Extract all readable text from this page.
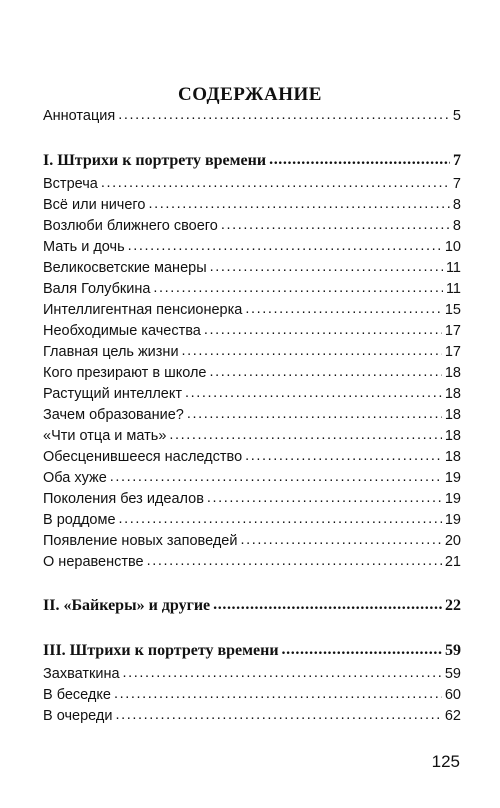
СОДЕРЖАНИЕ
Аннотация .....	5
I. Штрихи к портрету времени .....	7
Встреча .....	7
Всё или ничего .....	8
Возлюби ближнего своего .....	8
Мать и дочь .....	10
Великосветские манеры .....	11
Валя Голубкина .....	11
Интеллигентная пенсионерка .....	15
Необходимые качества .....	17
Главная цель жизни .....	17
Кого презирают в школе .....	18
Растущий интеллект .....	18
Зачем образование? .....	18
«Чти отца и мать» .....	18
Обесценившееся наследство .....	18
Оба хуже .....	19
Поколения без идеалов .....	19
В роддоме .....	19
Появление новых заповедей .....	20
О неравенстве .....	21
II. «Байкеры» и другие .....	22
III. Штрихи к портрету времени .....	59
Захваткина .....	59
В беседке .....	60
В очереди .....	62
125
